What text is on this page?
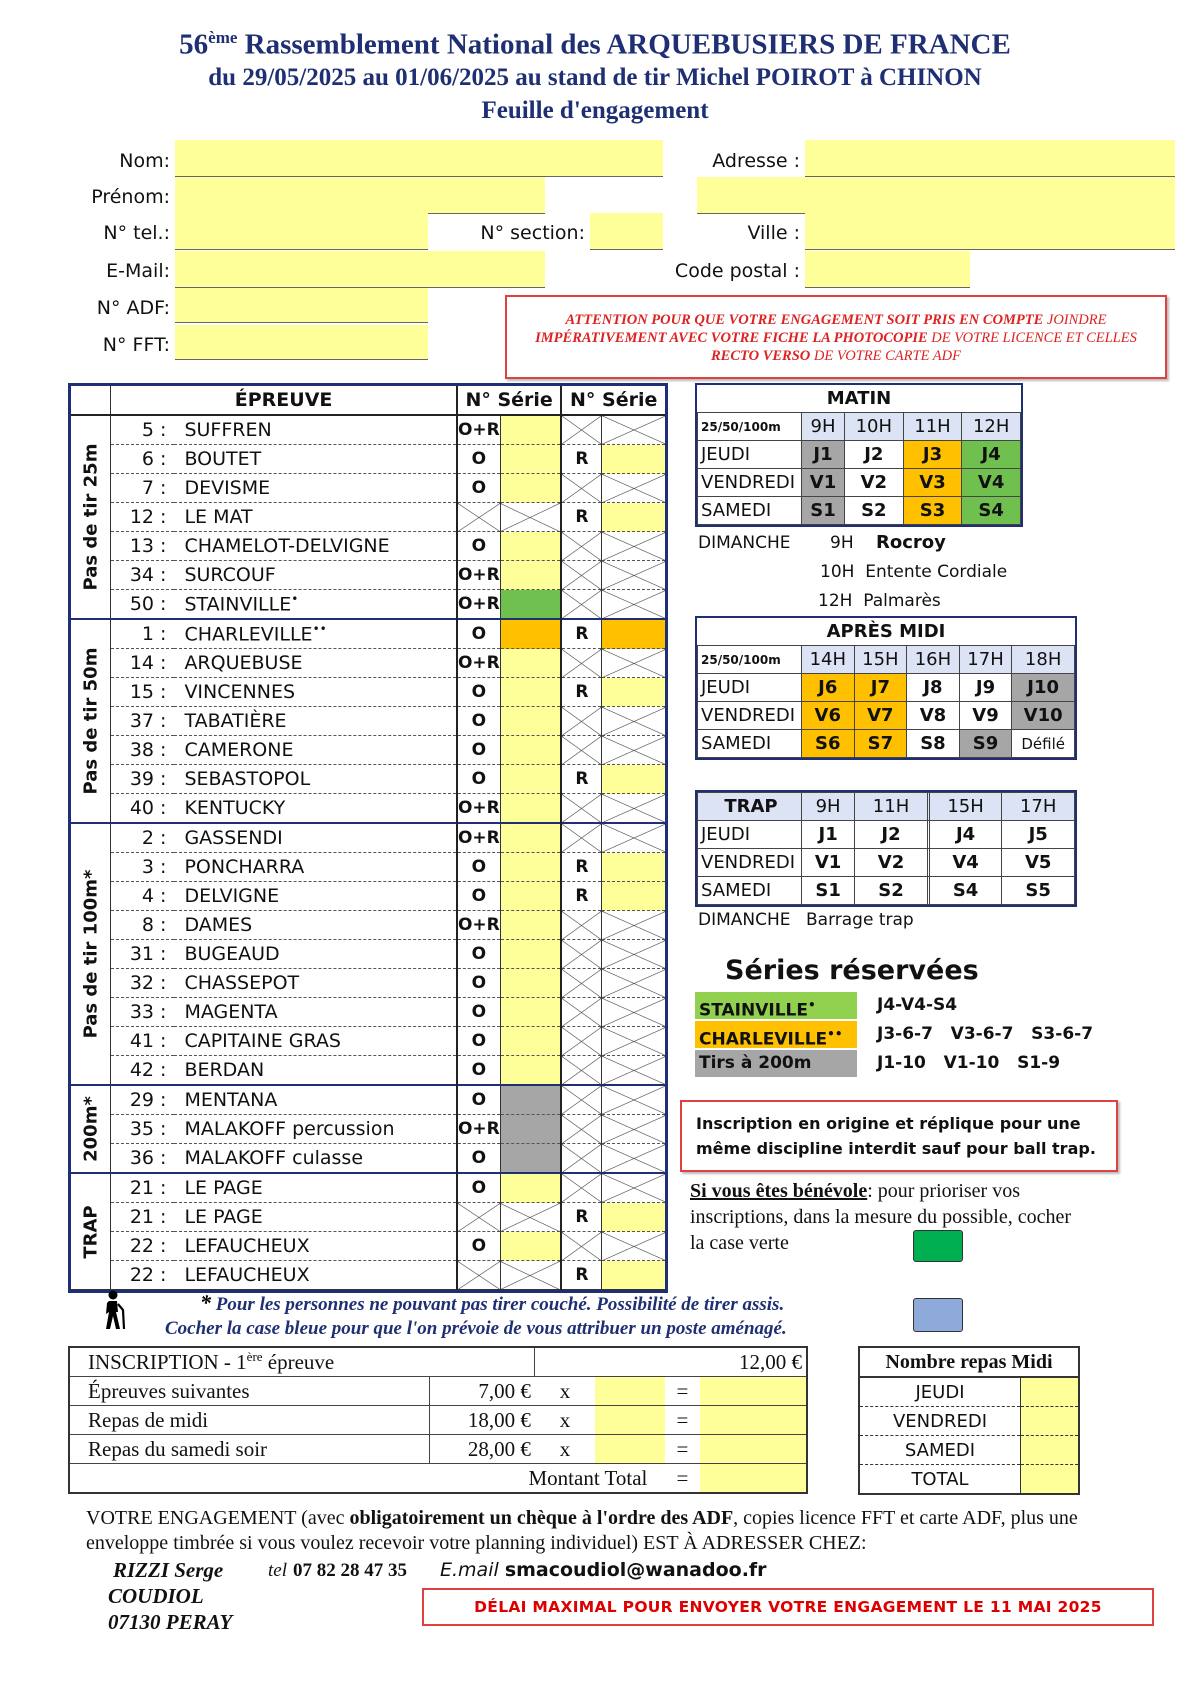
56ème Rassemblement National des ARQUEBUSIERS DE FRANCE
du 29/05/2025 au 01/06/2025 au stand de tir Michel POIROT à CHINON
Feuille d'engagement
Nom:
Prénom:
N° tel.:	N° section:
E-Mail:
N° ADF:
N° FFT:
Adresse :
Ville :
Code postal :
ATTENTION POUR QUE VOTRE ENGAGEMENT SOIT PRIS EN COMPTE JOINDRE IMPÉRATIVEMENT AVEC VOTRE FICHE LA PHOTOCOPIE DE VOTRE LICENCE ET CELLES RECTO VERSO DE VOTRE CARTE ADF
	ÉPREUVE		N° Série		N° Série	

Pas de tir 25m	5 :	SUFFREN	O+R			
	6 :	BOUTET	O		R	
	7 :	DEVISME	O			
	12 :	LE MAT			R	
	13 :	CHAMELOT-DELVIGNE	O			
	34 :	SURCOUF	O+R			
	50 :	STAINVILLE•	O+R			

Pas de tir 50m	1 :	CHARLEVILLE••	O		R	
	14 :	ARQUEBUSE	O+R			
	15 :	VINCENNES	O		R	
	37 :	TABATIÈRE	O			
	38 :	CAMERONE	O			
	39 :	SEBASTOPOL	O		R	
	40 :	KENTUCKY	O+R			

Pas de tir 100m*	2 :	GASSENDI	O+R			
	3 :	PONCHARRA	O		R	
	4 :	DELVIGNE	O		R	
	8 :	DAMES	O+R			
	31 :	BUGEAUD	O			
	32 :	CHASSEPOT	O			
	33 :	MAGENTA	O			
	41 :	CAPITAINE GRAS	O			
	42 :	BERDAN	O			

200m*	29 :	MENTANA	O			
	35 :	MALAKOFF percussion	O+R			
	36 :	MALAKOFF culasse	O			

TRAP	21 :	LE PAGE	O			
	21 :	LE PAGE			R	
	22 :	LEFAUCHEUX	O			
	22 :	LEFAUCHEUX			R	
MATIN				
25/50/100m	9H	10H	11H	12H
JEUDI	J1	J2	J3	J4
VENDREDI	V1	V2	V3	V4
SAMEDI	S1	S2	S3	S4
DIMANCHE 9H Rocroy
10H  Entente Cordiale
12H  Palmarès
APRÈS MIDI					
25/50/100m	14H	15H	16H	17H	18H
JEUDI	J6	J7	J8	J9	J10
VENDREDI	V6	V7	V8	V9	V10
SAMEDI	S6	S7	S8	S9	Défilé
TRAP	9H	11H		15H	17H
JEUDI	J1	J2		J4	J5
VENDREDI	V1	V2		V4	V5
SAMEDI	S1	S2		S4	S5
DIMANCHE Barrage trap
Séries réservées
STAINVILLE•	J4-V4-S4
CHARLEVILLE••	J3-6-7   V3-6-7   S3-6-7
Tirs à 200m	J1-10   V1-10   S1-9
Inscription en origine et réplique pour une même discipline interdit sauf pour ball trap.
Si vous êtes bénévole: pour prioriser vos inscriptions, dans la mesure du possible, cocher la case verte
* Pour les personnes ne pouvant pas tirer couché. Possibilité de tirer assis.
Cocher la case bleue pour que l'on prévoie de vous attribuer un poste aménagé.
INSCRIPTION - 1ère épreuve		12,00 €			
Épreuves suivantes	7,00 €	x		=	
Repas de midi	18,00 €	x		=	
Repas du samedi soir	28,00 €	x		=	
	Montant Total			=	
Nombre repas Midi	
JEUDI	
VENDREDI	
SAMEDI	
TOTAL	
VOTRE ENGAGEMENT (avec obligatoirement un chèque à l'ordre des ADF, copies licence FFT et carte ADF, plus une enveloppe timbrée si vous voulez recevoir votre planning individuel) EST À ADRESSER CHEZ:
RIZZI Serge tel 07 82 28 47 35 E.mail smacoudiol@wanadoo.fr
COUDIOL
07130 PERAY
DÉLAI MAXIMAL POUR ENVOYER VOTRE ENGAGEMENT LE 11 MAI 2025
